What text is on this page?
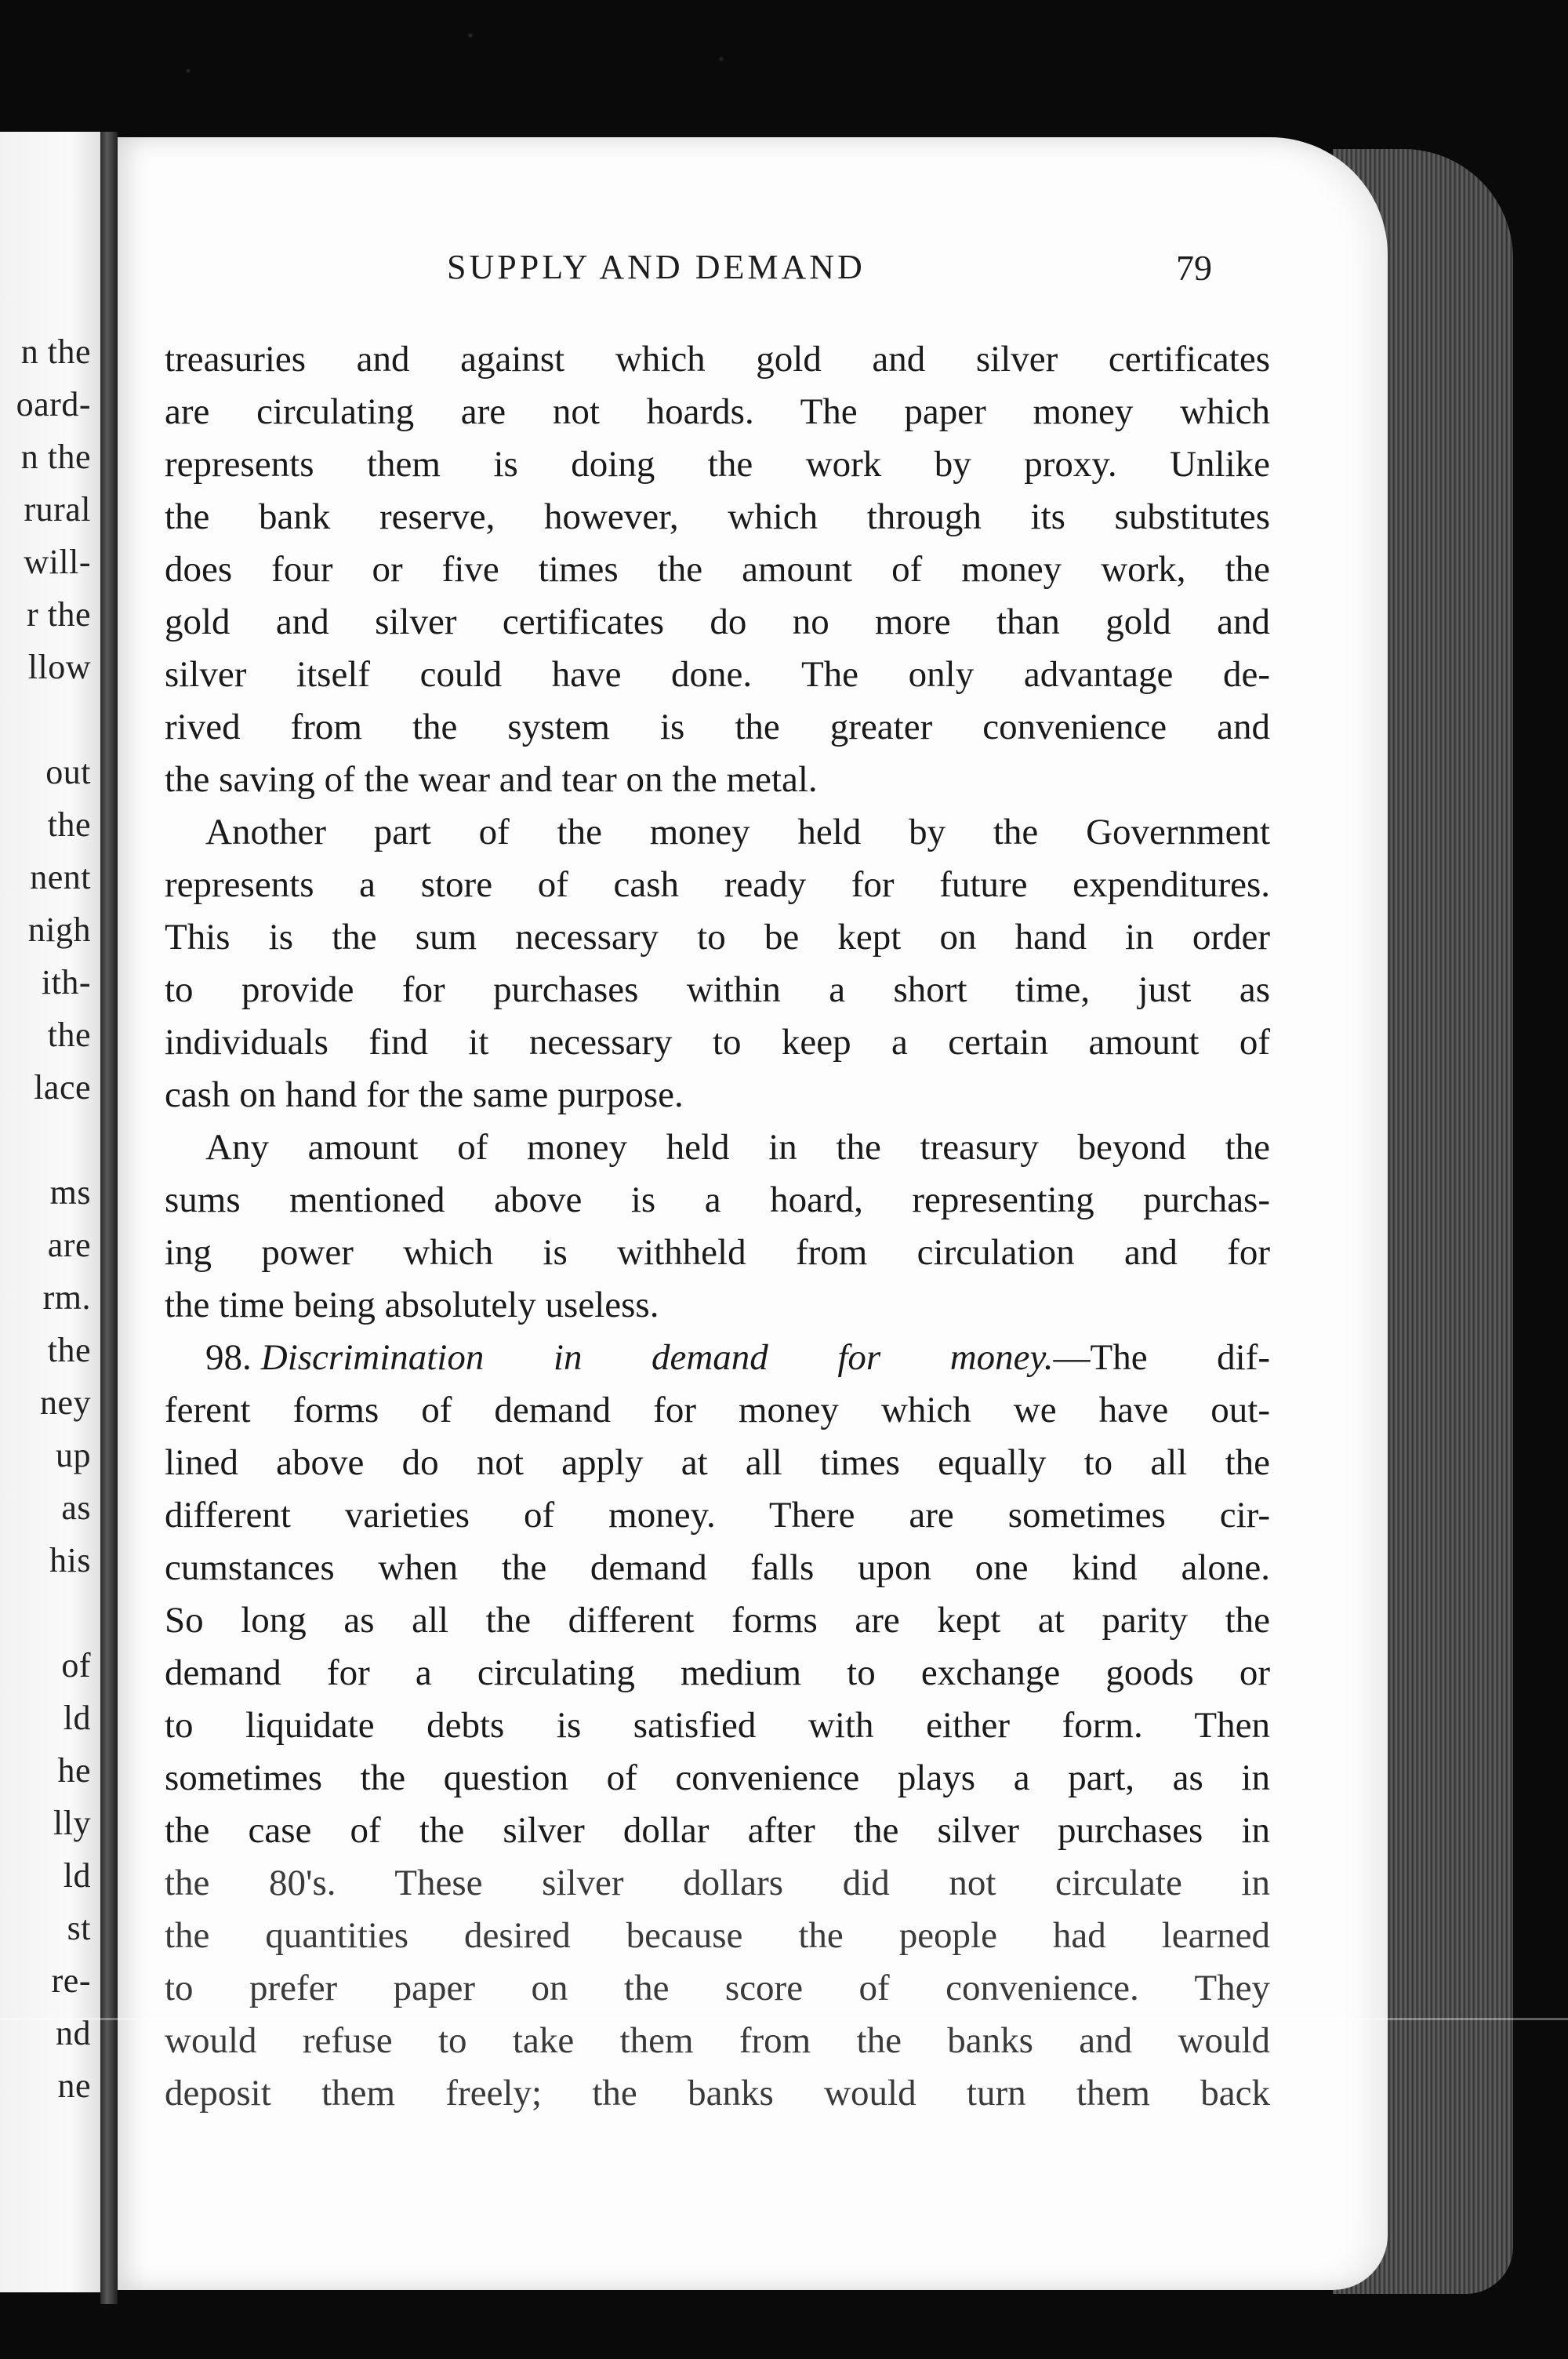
n the
oard-
n the
rural
will-
r the
llow
out
the
nent
nigh
ith-
the
lace
ms
are
rm.
the
ney
up
as
his
of
ld
he
lly
ld
st
re-
nd
ne
SUPPLY AND DEMAND	79
treasuries and against which gold and silver certificates
are circulating are not hoards. The paper money which
represents them is doing the work by proxy. Unlike
the bank reserve, however, which through its substitutes
does four or five times the amount of money work, the
gold and silver certificates do no more than gold and
silver itself could have done. The only advantage de-
rived from the system is the greater convenience and
the saving of the wear and tear on the metal.
Another part of the money held by the Government
represents a store of cash ready for future expenditures.
This is the sum necessary to be kept on hand in order
to provide for purchases within a short time, just as
individuals find it necessary to keep a certain amount of
cash on hand for the same purpose.
Any amount of money held in the treasury beyond the
sums mentioned above is a hoard, representing purchas-
ing power which is withheld from circulation and for
the time being absolutely useless.
98. Discrimination in demand for money.—The dif-
ferent forms of demand for money which we have out-
lined above do not apply at all times equally to all the
different varieties of money. There are sometimes cir-
cumstances when the demand falls upon one kind alone.
So long as all the different forms are kept at parity the
demand for a circulating medium to exchange goods or
to liquidate debts is satisfied with either form. Then
sometimes the question of convenience plays a part, as in
the case of the silver dollar after the silver purchases in
the 80's. These silver dollars did not circulate in
the quantities desired because the people had learned
to prefer paper on the score of convenience. They
would refuse to take them from the banks and would
deposit them freely; the banks would turn them back
